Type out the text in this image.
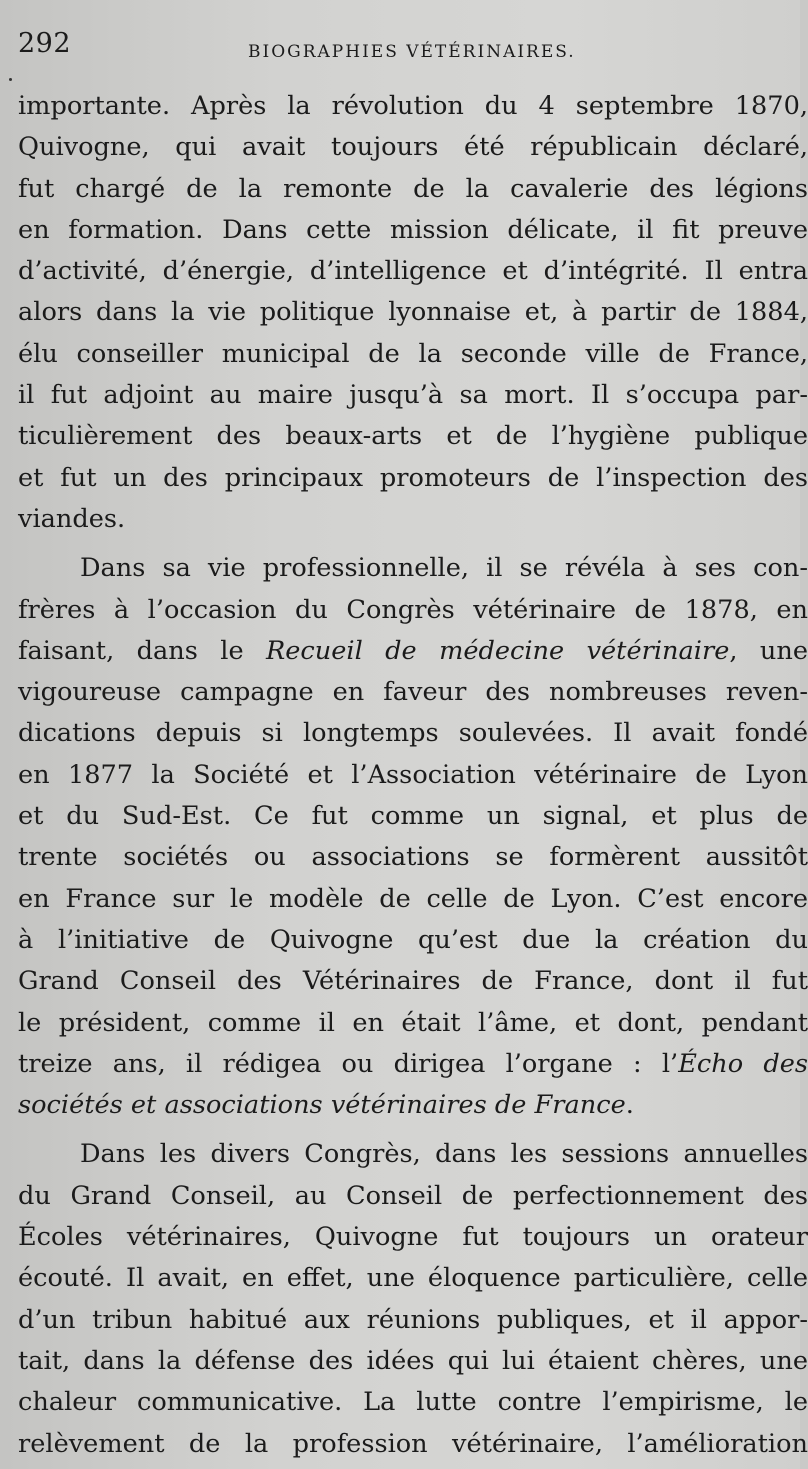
292	BIOGRAPHIES VÉTÉRINAIRES.
importante. Après la révolution du 4 septembre 1870,
Quivogne, qui avait toujours été républicain déclaré,
fut chargé de la remonte de la cavalerie des légions
en formation. Dans cette mission délicate, il fit preuve
d’activité, d’énergie, d’intelligence et d’intégrité. Il entra
alors dans la vie politique lyonnaise et, à partir de 1884,
élu conseiller municipal de la seconde ville de France,
il fut adjoint au maire jusqu’à sa mort. Il s’occupa par-
ticulièrement des beaux-arts et de l’hygiène publique
et fut un des principaux promoteurs de l’inspection des
viandes.
Dans sa vie professionnelle, il se révéla à ses con-
frères à l’occasion du Congrès vétérinaire de 1878, en
faisant, dans le Recueil de médecine vétérinaire, une
vigoureuse campagne en faveur des nombreuses reven-
dications depuis si longtemps soulevées. Il avait fondé
en 1877 la Société et l’Association vétérinaire de Lyon
et du Sud-Est. Ce fut comme un signal, et plus de
trente sociétés ou associations se formèrent aussitôt
en France sur le modèle de celle de Lyon. C’est encore
à l’initiative de Quivogne qu’est due la création du
Grand Conseil des Vétérinaires de France, dont il fut
le président, comme il en était l’âme, et dont, pendant
treize ans, il rédigea ou dirigea l’organe : l’Écho des
sociétés et associations vétérinaires de France.
Dans les divers Congrès, dans les sessions annuelles
du Grand Conseil, au Conseil de perfectionnement des
Écoles vétérinaires, Quivogne fut toujours un orateur
écouté. Il avait, en effet, une éloquence particulière, celle
d’un tribun habitué aux réunions publiques, et il appor-
tait, dans la défense des idées qui lui étaient chères, une
chaleur communicative. La lutte contre l’empirisme, le
relèvement de la profession vétérinaire, l’amélioration
